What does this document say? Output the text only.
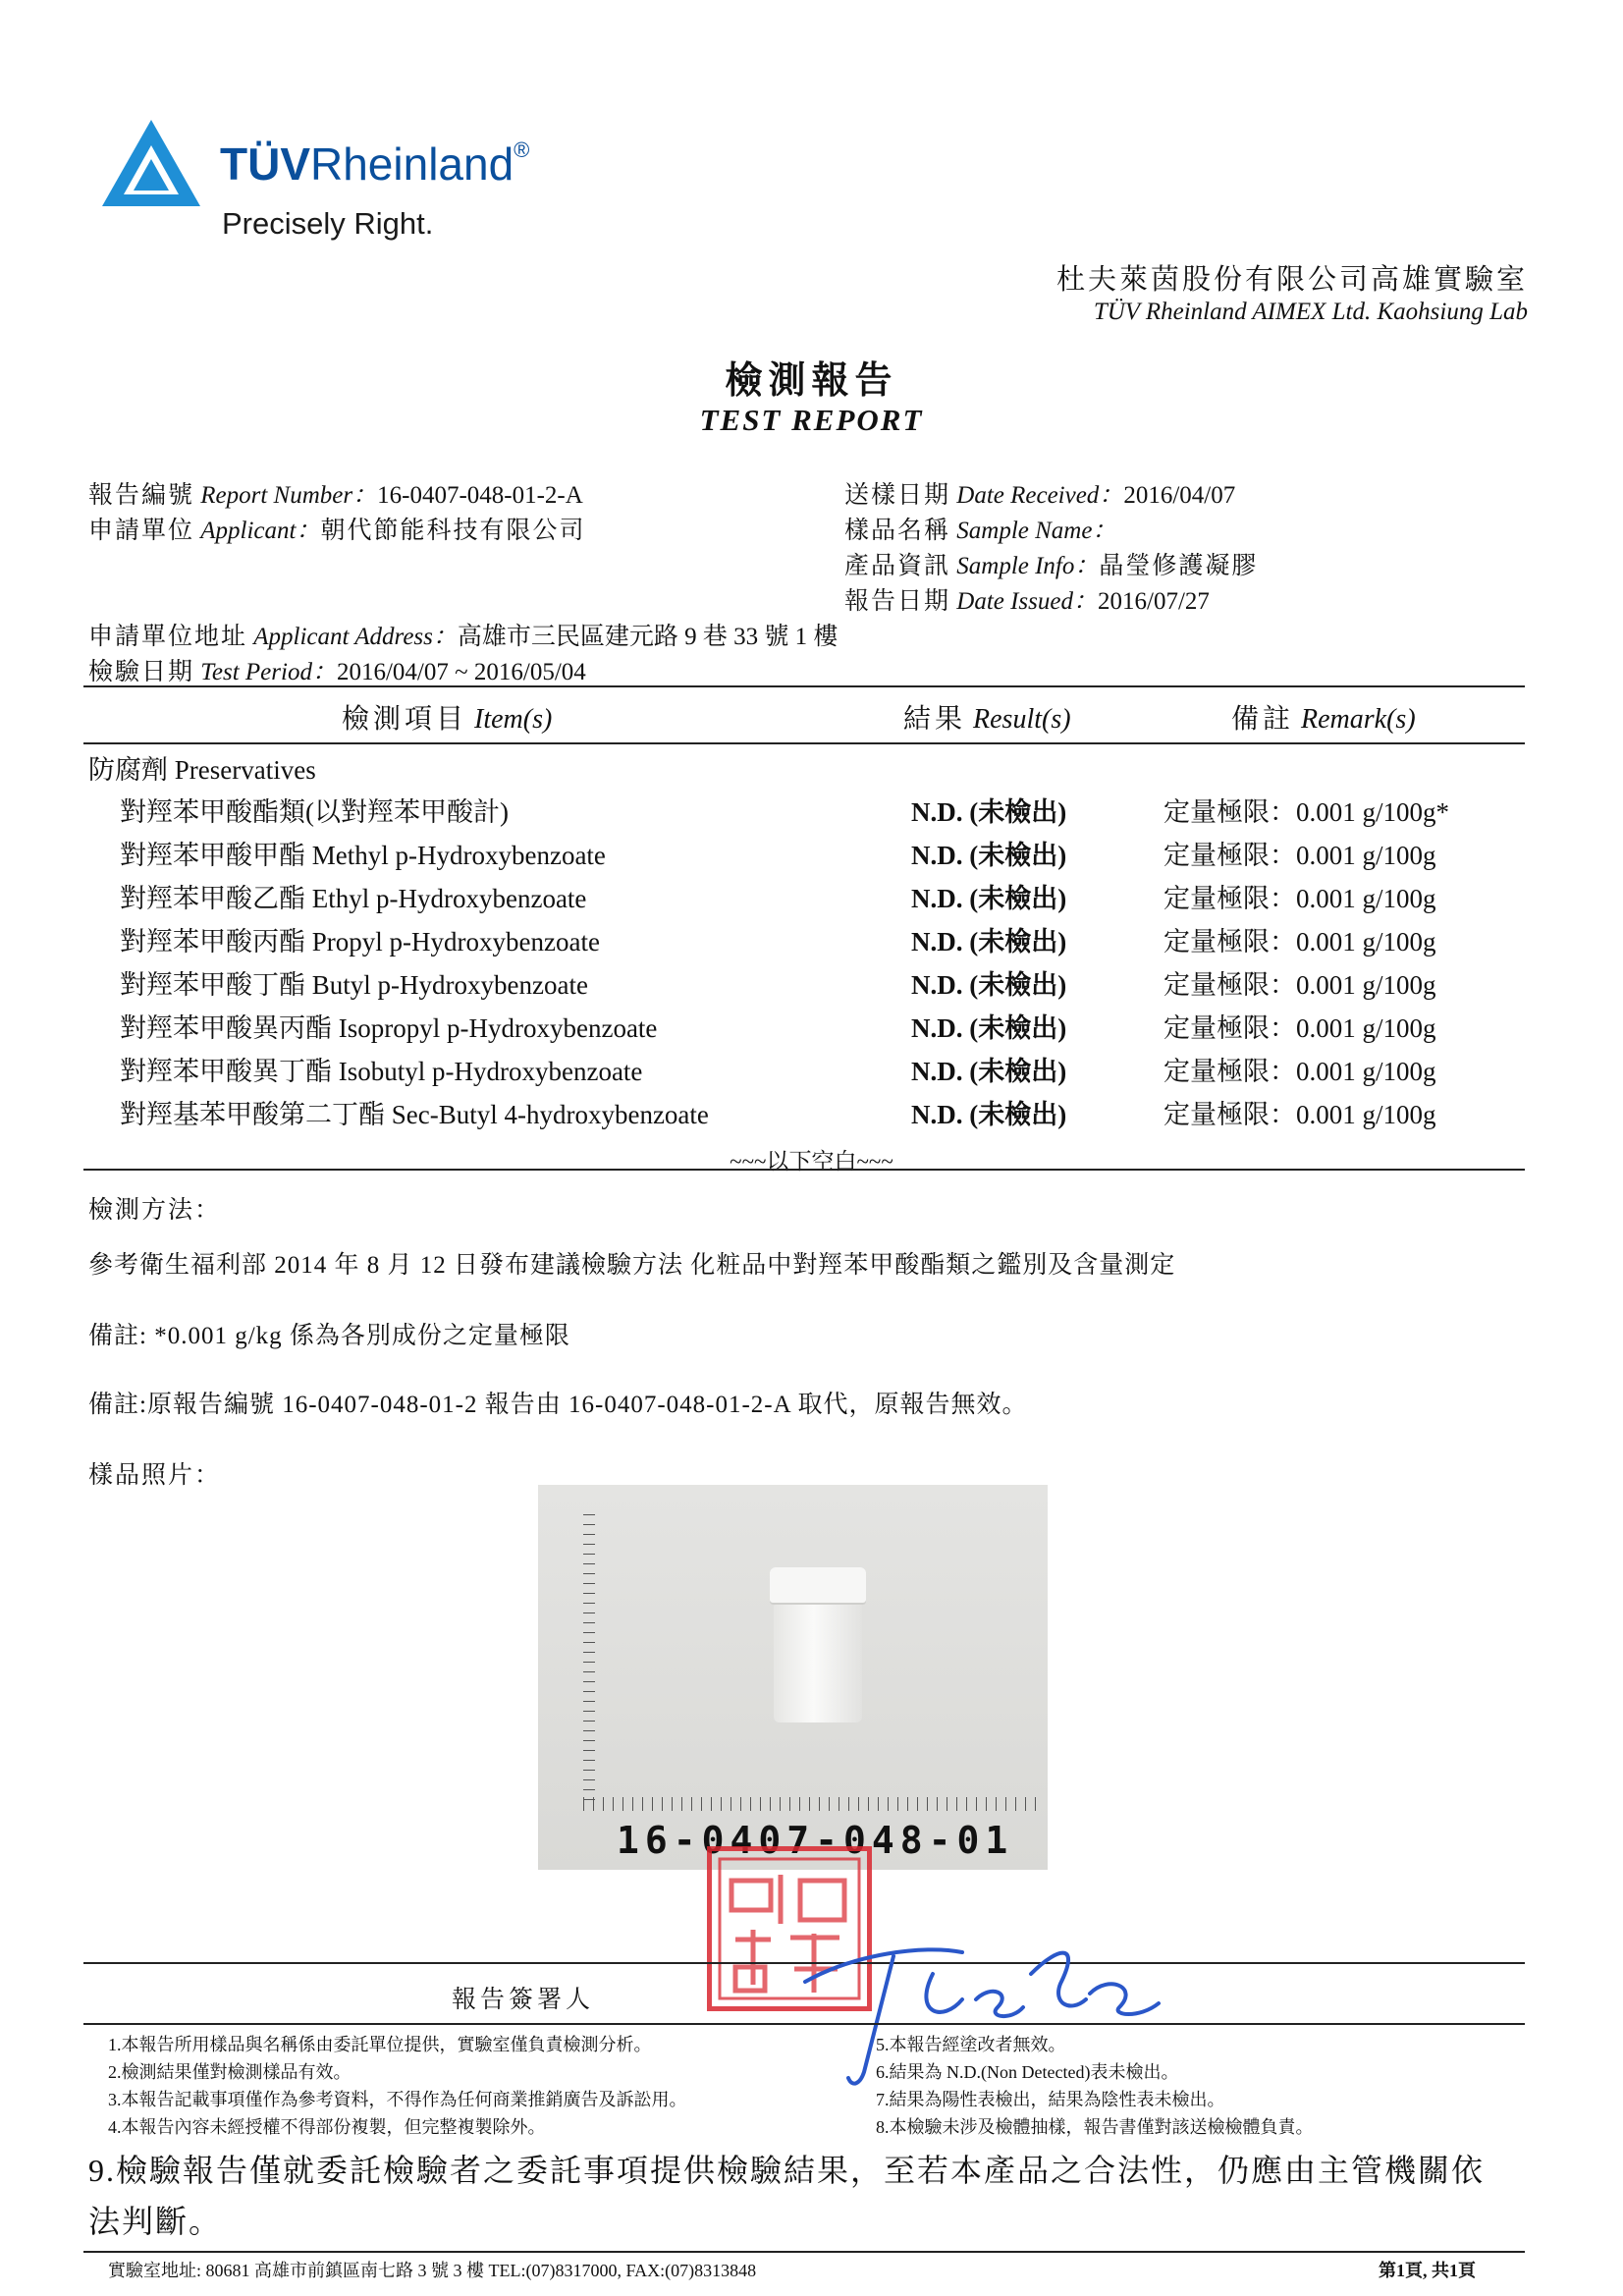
TÜVRheinland®
Precisely Right.
杜夫萊茵股份有限公司高雄實驗室
TÜV Rheinland AIMEX Ltd. Kaohsiung Lab
檢測報告
TEST REPORT
報告編號 Report Number：16-0407-048-01-2-A
申請單位 Applicant：朝代節能科技有限公司
送樣日期 Date Received：2016/04/07
樣品名稱 Sample Name：
產品資訊 Sample Info：晶瑩修護凝膠
報告日期 Date Issued：2016/07/27
申請單位地址 Applicant Address：高雄市三民區建元路 9 巷 33 號 1 樓
檢驗日期 Test Period：2016/04/07 ~ 2016/05/04
檢測項目 Item(s)	結果 Result(s)	備註 Remark(s)
防腐劑 Preservatives
對羥苯甲酸酯類(以對羥苯甲酸計)	N.D. (未檢出)	定量極限：0.001 g/100g*
對羥苯甲酸甲酯 Methyl p-Hydroxybenzoate	N.D. (未檢出)	定量極限：0.001 g/100g
對羥苯甲酸乙酯 Ethyl p-Hydroxybenzoate	N.D. (未檢出)	定量極限：0.001 g/100g
對羥苯甲酸丙酯 Propyl p-Hydroxybenzoate	N.D. (未檢出)	定量極限：0.001 g/100g
對羥苯甲酸丁酯 Butyl p-Hydroxybenzoate	N.D. (未檢出)	定量極限：0.001 g/100g
對羥苯甲酸異丙酯 Isopropyl p-Hydroxybenzoate	N.D. (未檢出)	定量極限：0.001 g/100g
對羥苯甲酸異丁酯 Isobutyl p-Hydroxybenzoate	N.D. (未檢出)	定量極限：0.001 g/100g
對羥基苯甲酸第二丁酯 Sec-Butyl 4-hydroxybenzoate	N.D. (未檢出)	定量極限：0.001 g/100g
~~~以下空白~~~
檢測方法：
參考衛生福利部 2014 年 8 月 12 日發布建議檢驗方法 化粧品中對羥苯甲酸酯類之鑑別及含量測定
備註: *0.001 g/kg 係為各別成份之定量極限
備註:原報告編號 16-0407-048-01-2 報告由 16-0407-048-01-2-A 取代，原報告無效。
樣品照片：
16-0407-048-01
報告簽署人
1.本報告所用樣品與名稱係由委託單位提供，實驗室僅負責檢測分析。
2.檢測結果僅對檢測樣品有效。
3.本報告記載事項僅作為參考資料，不得作為任何商業推銷廣告及訴訟用。
4.本報告內容未經授權不得部份複製，但完整複製除外。
5.本報告經塗改者無效。
6.結果為 N.D.(Non Detected)表未檢出。
7.結果為陽性表檢出，結果為陰性表未檢出。
8.本檢驗未涉及檢體抽樣，報告書僅對該送檢檢體負責。
9.檢驗報告僅就委託檢驗者之委託事項提供檢驗結果，至若本產品之合法性，仍應由主管機關依法判斷。
實驗室地址: 80681 高雄市前鎮區南七路 3 號 3 樓 TEL:(07)8317000, FAX:(07)8313848	第1頁, 共1頁
